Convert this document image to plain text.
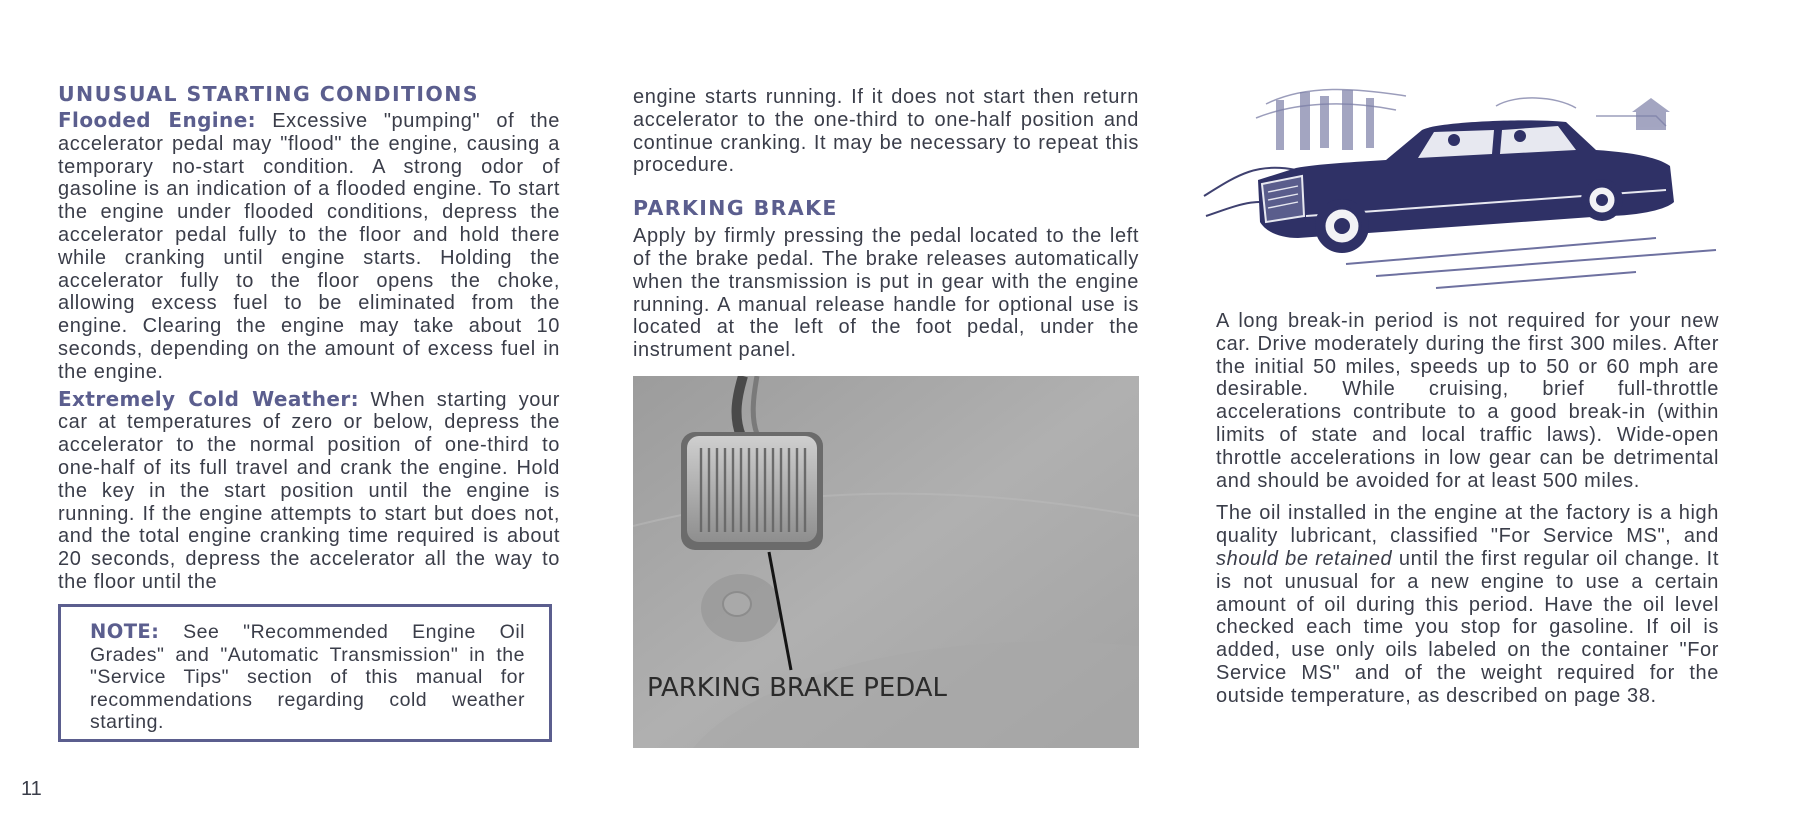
UNUSUAL STARTING CONDITIONS

Flooded Engine: Excessive "pumping" of the accelerator pedal may "flood" the engine, causing a temporary no-start condition. A strong odor of gasoline is an indication of a flooded engine. To start the engine under flooded conditions, depress the accelerator pedal fully to the floor and hold there while cranking until engine starts. Holding the accelerator fully to the floor opens the choke, allowing excess fuel to be eliminated from the engine. Clearing the engine may take about 10 seconds, depending on the amount of excess fuel in the engine.

Extremely Cold Weather: When starting your car at temperatures of zero or below, depress the accelerator to the normal position of one-third to one-half of its full travel and crank the engine. Hold the key in the start position until the engine is running. If the engine attempts to start but does not, and the total engine cranking time required is about 20 seconds, depress the accelerator all the way to the floor until the

NOTE: See "Recommended Engine Oil Grades" and "Automatic Transmission" in the "Service Tips" section of this manual for recommendations regarding cold weather starting.

engine starts running. If it does not start then return accelerator to the one-third to one-half position and continue cranking. It may be necessary to repeat this procedure.

PARKING BRAKE

Apply by firmly pressing the pedal located to the left of the brake pedal. The brake releases automatically when the transmission is put in gear with the engine running. A manual release handle for optional use is located at the left of the foot pedal, under the instrument panel.

PARKING BRAKE PEDAL

A long break-in period is not required for your new car. Drive moderately during the first 300 miles. After the initial 50 miles, speeds up to 50 or 60 mph are desirable. While cruising, brief full-throttle accelerations contribute to a good break-in (within limits of state and local traffic laws). Wide-open throttle accelerations in low gear can be detrimental and should be avoided for at least 500 miles.

The oil installed in the engine at the factory is a high quality lubricant, classified "For Service MS", and should be retained until the first regular oil change. It is not unusual for a new engine to use a certain amount of oil during this period. Have the oil level checked each time you stop for gasoline. If oil is added, use only oils labeled on the container "For Service MS" and of the weight required for the outside temperature, as described on page 38.

11
